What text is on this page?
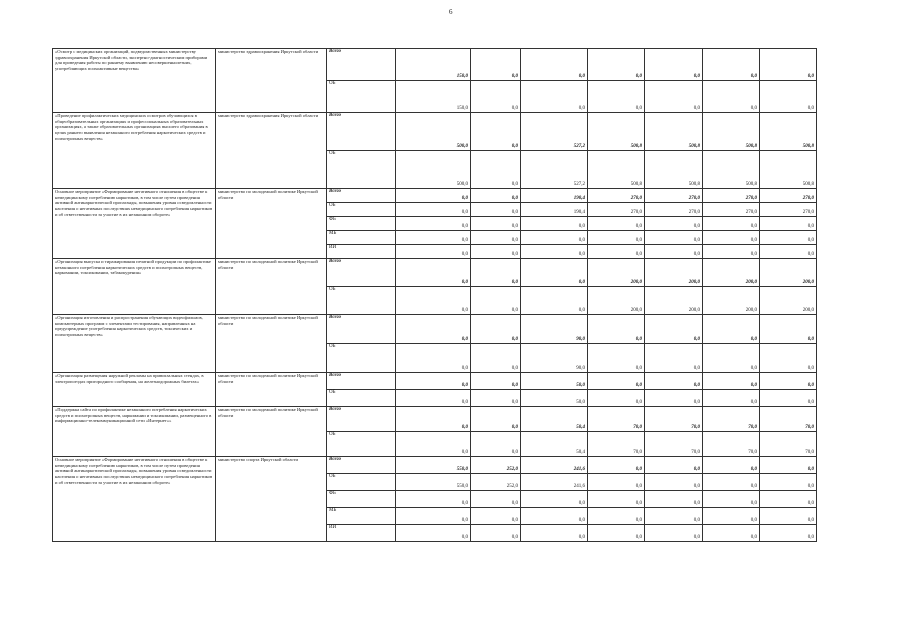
6
«Осмотр с медицинских организаций, подведомственных министерству здравоохранения Иркутской области, экспертно-диагностическим приборами для проведения работы по раннему выявлению несовершеннолетних, употребляющих психоактивные вещества»	министерство здравоохранения Иркутской области	Всего	150,0	0,0	0,0	0,0	0,0	0,0	0,0
		ОБ	150,0	0,0	0,0	0,0	0,0	0,0	0,0
«Проведение профилактических медицинских осмотров обучающихся в общеобразовательных организациях и профессиональных образовательных организациях, а также образовательных организациях высшего образования в целях раннего выявления незаконного потребления наркотических средств и психотропных веществ»	министерство здравоохранения Иркутской области	Всего	500,0	0,0	527,2	500,8	500,8	500,8	500,8
		ОБ	500,0	0,0	527,2	500,8	500,8	500,8	500,8
Основное мероприятие «Формирование негативного отношения в обществе к немедицинскому потреблению наркотиков, в том числе путем проведения активной антинаркотической пропаганды, повышения уровня осведомленности населения о негативных последствиях немедицинского потребления наркотиков и об ответственности за участие в их незаконном обороте»	министерство по молодежной политике Иркутской области	Всего	0,0	0,0	190,4	270,0	270,0	270,0	270,0
		ОБ	0,0	0,0	190,4	270,0	270,0	270,0	270,0
		ФБ	0,0	0,0	0,0	0,0	0,0	0,0	0,0
		МБ	0,0	0,0	0,0	0,0	0,0	0,0	0,0
		ИИ	0,0	0,0	0,0	0,0	0,0	0,0	0,0
«Организация выпуска и тиражирования печатной продукции по профилактике незаконного потребления наркотических средств и психотропных веществ, наркомании, токсикомании, табакокурения»	министерство по молодежной политике Иркутской области	Всего	0,0	0,0	0,0	200,0	200,0	200,0	200,0
		ОБ	0,0	0,0	0,0	200,0	200,0	200,0	200,0
«Организация изготовления и распространения обучающих видеофильмов, компьютерных программ с элементами тестирования, направленных на предупреждение употребления наркотических средств, токсических и психотропных веществ»	министерство по молодежной политике Иркутской области	Всего	0,0	0,0	90,0	0,0	0,0	0,0	0,0
		ОБ	0,0	0,0	90,0	0,0	0,0	0,0	0,0
«Организация размещения наружной рекламы на привокзальных стендах, в электропоездах пригородного сообщения, на железнодорожных билетах»	министерство по молодежной политике Иркутской области	Всего	0,0	0,0	50,0	0,0	0,0	0,0	0,0
		ОБ	0,0	0,0	50,0	0,0	0,0	0,0	0,0
«Поддержка сайта по профилактике незаконного потребления наркотических средств и психотропных веществ, наркомании и токсикомании, размещенного в информационно-телекоммуникационной сети «Интернет»»	министерство по молодежной политике Иркутской области	Всего	0,0	0,0	50,4	70,0	70,0	70,0	70,0
		ОБ	0,0	0,0	50,4	70,0	70,0	70,0	70,0
Основное мероприятие «Формирование негативного отношения в обществе к немедицинскому потреблению наркотиков, в том числе путем проведения активной антинаркотической пропаганды, повышения уровня осведомленности населения о негативных последствиях немедицинского потребления наркотиков и об ответственности за участие в их незаконном обороте»	министерство спорта Иркутской области	Всего	550,0	252,0	241,6	0,0	0,0	0,0	0,0
		ОБ	550,0	252,0	241,6	0,0	0,0	0,0	0,0
		ФБ	0,0	0,0	0,0	0,0	0,0	0,0	0,0
		МБ	0,0	0,0	0,0	0,0	0,0	0,0	0,0
		ИИ	0,0	0,0	0,0	0,0	0,0	0,0	0,0
